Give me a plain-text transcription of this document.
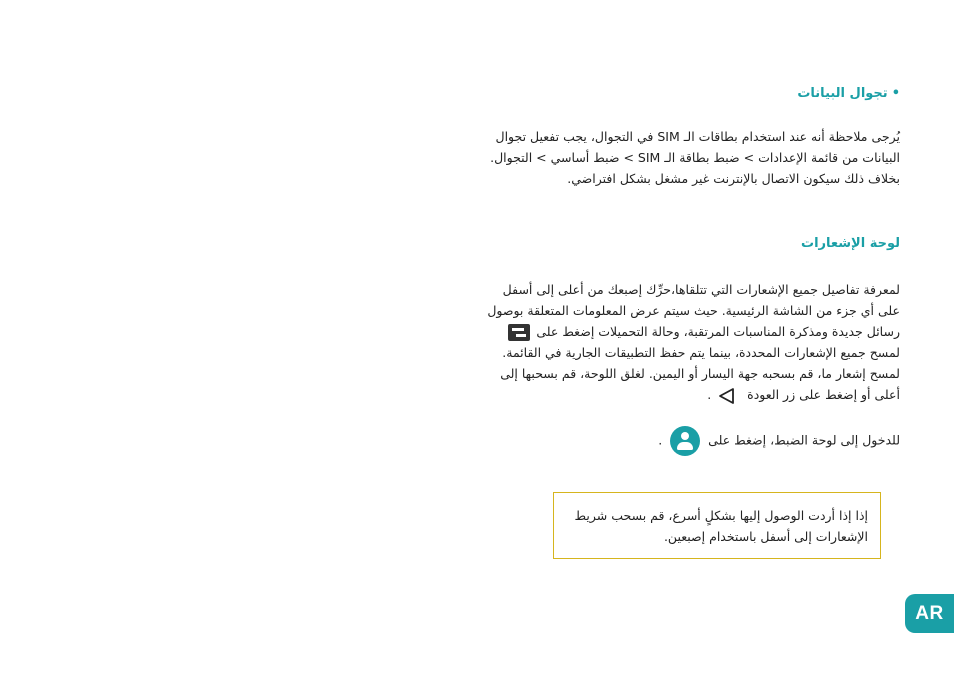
•تجوال البيانات

يُرجى ملاحظة أنه عند استخدام بطاقات الـ SIM في التجوال، يجب تفعيل تجوال البيانات من قائمة الإعدادات > ضبط بطاقة الـ SIM > ضبط أساسي > التجوال. بخلاف ذلك سيكون الاتصال بالإنترنت غير مشغل بشكل افتراضي.

لوحة الإشعارات

لمعرفة تفاصيل جميع الإشعارات التي تتلقاها،حرِّك إصبعك من أعلى إلى أسفل على أي جزء من الشاشة الرئيسية. حيث سيتم عرض المعلومات المتعلقة بوصول رسائل جديدة ومذكرة المناسبات المرتقبة، وحالة التحميلات إضغط على  لمسح جميع الإشعارات المحددة، بينما يتم حفظ التطبيقات الجارية في القائمة. لمسح إشعار ما، قم بسحبه جهة اليسار أو اليمين. لغلق اللوحة، قم بسحبها إلى أعلى أو إضغط على زر العودة .

للدخول إلى لوحة الضبط، إضغط على
.

إذا إذا أردت الوصول إليها بشكلٍ أسرع، قم بسحب شريط الإشعارات إلى أسفل باستخدام إصبعين.
AR
